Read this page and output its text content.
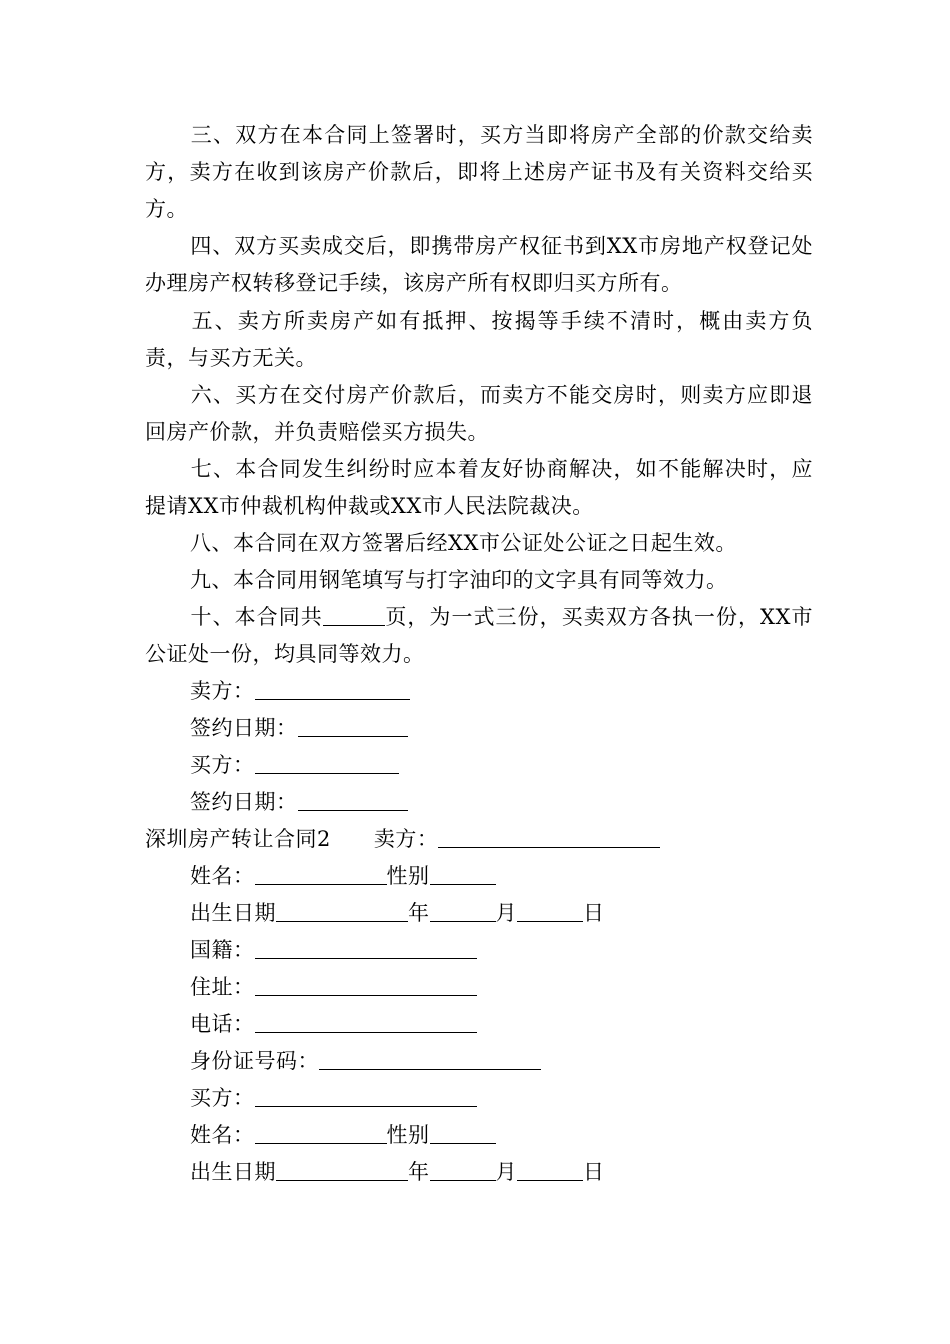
三、双方在本合同上签署时，买方当即将房产全部的价款交给卖方，卖方在收到该房产价款后，即将上述房产证书及有关资料交给买方。
四、双方买卖成交后，即携带房产权征书到XX市房地产权登记处办理房产权转移登记手续，该房产所有权即归买方所有。
五、卖方所卖房产如有抵押、按揭等手续不清时，概由卖方负责，与买方无关。
六、买方在交付房产价款后，而卖方不能交房时，则卖方应即退回房产价款，并负责赔偿买方损失。
七、本合同发生纠纷时应本着友好协商解决，如不能解决时，应提请XX市仲裁机构仲裁或XX市人民法院裁决。
八、本合同在双方签署后经XX市公证处公证之日起生效。
九、本合同用钢笔填写与打字油印的文字具有同等效力。
十、本合同共	页，为一式三份，买卖双方各执一份，XX市公证处一份，均具同等效力。
卖方：
签约日期：
买方：
签约日期：
深圳房产转让合同2 卖方：
姓名：	性别
出生日期	年	月	日
国籍：
住址：
电话：
身份证号码：
买方：
姓名：	性别
出生日期	年	月	日
